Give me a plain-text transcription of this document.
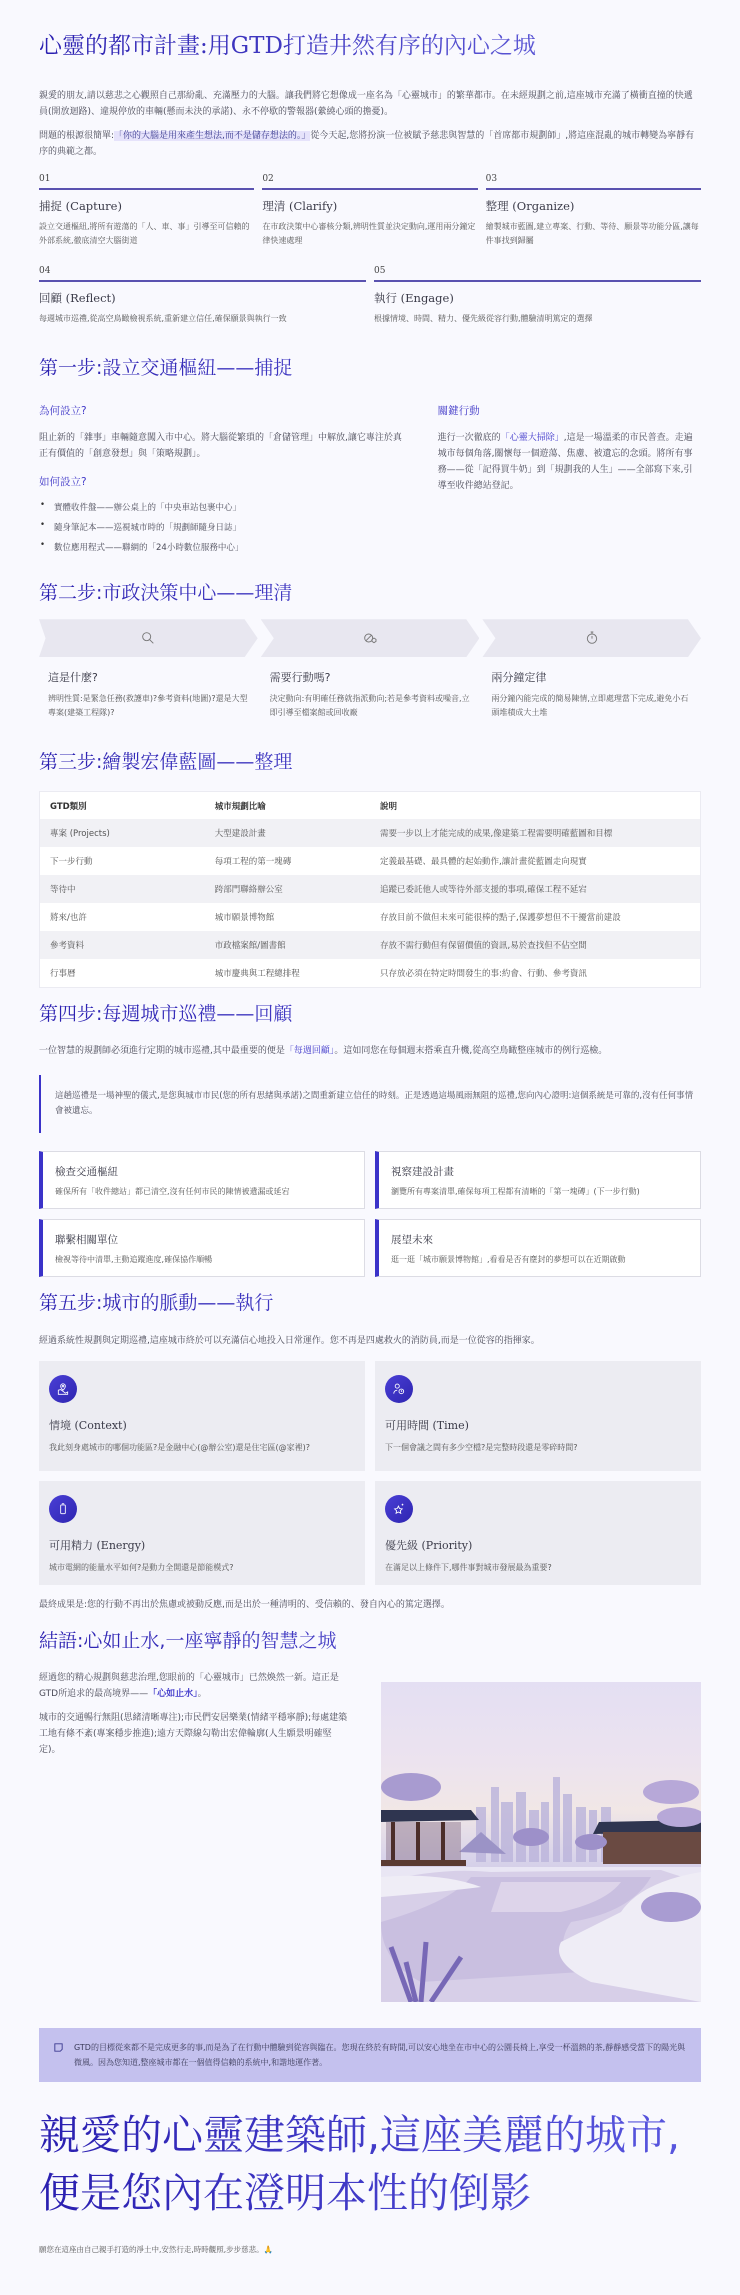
心靈的都市計畫:用GTD打造井然有序的內心之城

親愛的朋友,請以慈悲之心觀照自己那紛亂、充滿壓力的大腦。讓我們將它想像成一座名為「心靈城市」的繁華都市。在未經規劃之前,這座城市充滿了橫衝直撞的快遞員(開放迴路)、違規停放的車輛(懸而未決的承諾)、永不停歇的警報器(縈繞心頭的擔憂)。

問題的根源很簡單:「你的大腦是用來產生想法,而不是儲存想法的。」從今天起,您將扮演一位被賦予慈悲與智慧的「首席都市規劃師」,將這座混亂的城市轉變為寧靜有序的典範之都。

01
捕捉 (Capture)
設立交通樞紐,將所有遊蕩的「人、車、事」引導至可信賴的外部系統,徹底清空大腦街道
02
理清 (Clarify)
在市政決策中心審核分類,辨明性質並決定動向,運用兩分鐘定律快速處理
03
整理 (Organize)
繪製城市藍圖,建立專案、行動、等待、願景等功能分區,讓每件事找到歸屬
04
回顧 (Reflect)
每週城市巡禮,從高空鳥瞰檢視系統,重新建立信任,確保願景與執行一致
05
執行 (Engage)
根據情境、時間、精力、優先級從容行動,體驗清明篤定的選擇
第一步:設立交通樞紐——捕捉
為何設立?

阻止新的「雜事」車輛隨意闖入市中心。將大腦從繁瑣的「倉儲管理」中解放,讓它專注於真正有價值的「創意發想」與「策略規劃」。

如何設立?
• 實體收件盤——辦公桌上的「中央車站包裹中心」
• 隨身筆記本——巡視城市時的「規劃師隨身日誌」
• 數位應用程式——聯網的「24小時數位服務中心」
關鍵行動

進行一次徹底的「心靈大掃除」,這是一場溫柔的市民普查。走遍城市每個角落,關懷每一個遊蕩、焦慮、被遺忘的念頭。將所有事務——從「記得買牛奶」到「規劃我的人生」——全部寫下來,引導至收件總站登記。

第二步:市政決策中心——理清
這是什麼?
辨明性質:是緊急任務(救護車)?參考資料(地圖)?還是大型專案(建築工程隊)?
需要行動嗎?
決定動向:有明確任務就指派動向;若是參考資料或噪音,立即引導至檔案館或回收廠
兩分鐘定律
兩分鐘內能完成的簡易陳情,立即處理當下完成,避免小石頭堆積成大土堆
第三步:繪製宏偉藍圖——整理
GTD類別	城市規劃比喻	說明
專案 (Projects)	大型建設計畫	需要一步以上才能完成的成果,像建築工程需要明確藍圖和目標
下一步行動	每項工程的第一塊磚	定義最基礎、最具體的起始動作,讓計畫從藍圖走向現實
等待中	跨部門聯絡辦公室	追蹤已委託他人或等待外部支援的事項,確保工程不延宕
將來/也許	城市願景博物館	存放目前不做但未來可能很棒的點子,保護夢想但不干擾當前建設
參考資料	市政檔案館/圖書館	存放不需行動但有保留價值的資訊,易於查找但不佔空間
行事曆	城市慶典與工程總排程	只存放必須在特定時間發生的事:約會、行動、參考資訊
第四步:每週城市巡禮——回顧

一位智慧的規劃師必須進行定期的城市巡禮,其中最重要的便是「每週回顧」。這如同您在每個週末搭乘直升機,從高空鳥瞰整座城市的例行巡檢。

這趟巡禮是一場神聖的儀式,是您與城市市民(您的所有思緒與承諾)之間重新建立信任的時刻。正是透過這場風雨無阻的巡禮,您向內心證明:這個系統是可靠的,沒有任何事情會被遺忘。

檢查交通樞紐
確保所有「收件總站」都已清空,沒有任何市民的陳情被遺漏或延宕
視察建設計畫
瀏覽所有專案清單,確保每項工程都有清晰的「第一塊磚」(下一步行動)
聯繫相關單位
檢視等待中清單,主動追蹤進度,確保協作順暢
展望未來
逛一逛「城市願景博物館」,看看是否有塵封的夢想可以在近期啟動
第五步:城市的脈動——執行

經過系統性規劃與定期巡禮,這座城市終於可以充滿信心地投入日常運作。您不再是四處救火的消防員,而是一位從容的指揮家。

情境 (Context)
我此刻身處城市的哪個功能區?是金融中心(@辦公室)還是住宅區(@家裡)?
可用時間 (Time)
下一個會議之間有多少空檔?是完整時段還是零碎時間?
可用精力 (Energy)
城市電網的能量水平如何?是動力全開還是節能模式?
優先級 (Priority)
在滿足以上條件下,哪件事對城市發展最為重要?

最終成果是:您的行動不再出於焦慮或被動反應,而是出於一種清明的、受信賴的、發自內心的篤定選擇。

結語:心如止水,一座寧靜的智慧之城

經過您的精心規劃與慈悲治理,您眼前的「心靈城市」已然煥然一新。這正是GTD所追求的最高境界——「心如止水」。

城市的交通暢行無阻(思緒清晰專注);市民們安居樂業(情緒平穩寧靜);每處建築工地有條不紊(專案穩步推進);遠方天際線勾勒出宏偉輪廓(人生願景明確堅定)。

GTD的目標從來都不是完成更多的事,而是為了在行動中體驗到從容與臨在。您現在終於有時間,可以安心地坐在市中心的公園長椅上,享受一杯溫熱的茶,靜靜感受當下的陽光與微風。因為您知道,整座城市都在一個值得信賴的系統中,和諧地運作著。

親愛的心靈建築師,這座美麗的城市,便是您內在澄明本性的倒影

願您在這座由自己親手打造的淨土中,安然行走,時時觀照,步步慈悲。🙏
